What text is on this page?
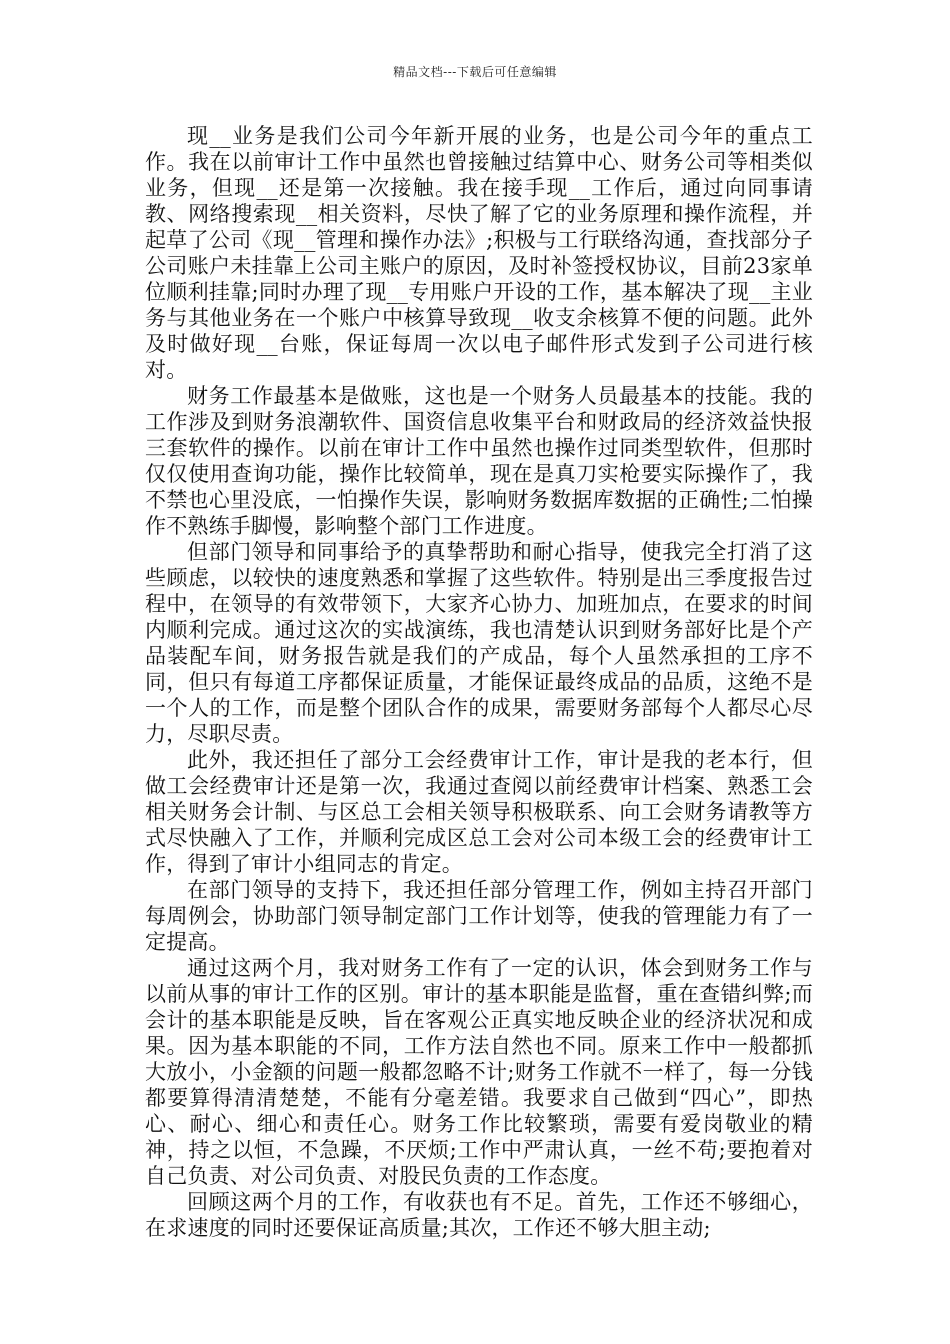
精品文档---下载后可任意编辑

现__业务是我们公司今年新开展的业务，也是公司今年的重点工作。我在以前审计工作中虽然也曾接触过结算中心、财务公司等相类似业务，但现__还是第一次接触。我在接手现__工作后，通过向同事请教、网络搜索现__相关资料，尽快了解了它的业务原理和操作流程，并起草了公司《现__管理和操作办法》;积极与工行联络沟通，查找部分子公司账户未挂靠上公司主账户的原因，及时补签授权协议，目前23家单位顺利挂靠;同时办理了现__专用账户开设的工作，基本解决了现__主业务与其他业务在一个账户中核算导致现__收支余核算不便的问题。此外及时做好现__台账，保证每周一次以电子邮件形式发到子公司进行核对。

财务工作最基本是做账，这也是一个财务人员最基本的技能。我的工作涉及到财务浪潮软件、国资信息收集平台和财政局的经济效益快报三套软件的操作。以前在审计工作中虽然也操作过同类型软件，但那时仅仅使用查询功能，操作比较简单，现在是真刀实枪要实际操作了，我不禁也心里没底，一怕操作失误，影响财务数据库数据的正确性;二怕操作不熟练手脚慢，影响整个部门工作进度。

但部门领导和同事给予的真挚帮助和耐心指导，使我完全打消了这些顾虑，以较快的速度熟悉和掌握了这些软件。特别是出三季度报告过程中，在领导的有效带领下，大家齐心协力、加班加点，在要求的时间内顺利完成。通过这次的实战演练，我也清楚认识到财务部好比是个产品装配车间，财务报告就是我们的产成品，每个人虽然承担的工序不同，但只有每道工序都保证质量，才能保证最终成品的品质，这绝不是一个人的工作，而是整个团队合作的成果，需要财务部每个人都尽心尽力，尽职尽责。

此外，我还担任了部分工会经费审计工作，审计是我的老本行，但做工会经费审计还是第一次，我通过查阅以前经费审计档案、熟悉工会相关财务会计制、与区总工会相关领导积极联系、向工会财务请教等方式尽快融入了工作，并顺利完成区总工会对公司本级工会的经费审计工作，得到了审计小组同志的肯定。

在部门领导的支持下，我还担任部分管理工作，例如主持召开部门每周例会，协助部门领导制定部门工作计划等，使我的管理能力有了一定提高。

通过这两个月，我对财务工作有了一定的认识，体会到财务工作与以前从事的审计工作的区别。审计的基本职能是监督，重在查错纠弊;而会计的基本职能是反映，旨在客观公正真实地反映企业的经济状况和成果。因为基本职能的不同，工作方法自然也不同。原来工作中一般都抓大放小，小金额的问题一般都忽略不计;财务工作就不一样了，每一分钱都要算得清清楚楚，不能有分毫差错。我要求自己做到“四心”，即热心、耐心、细心和责任心。财务工作比较繁琐，需要有爱岗敬业的精神，持之以恒，不急躁，不厌烦;工作中严肃认真，一丝不苟;要抱着对自己负责、对公司负责、对股民负责的工作态度。

回顾这两个月的工作，有收获也有不足。首先，工作还不够细心，在求速度的同时还要保证高质量;其次，工作还不够大胆主动;
